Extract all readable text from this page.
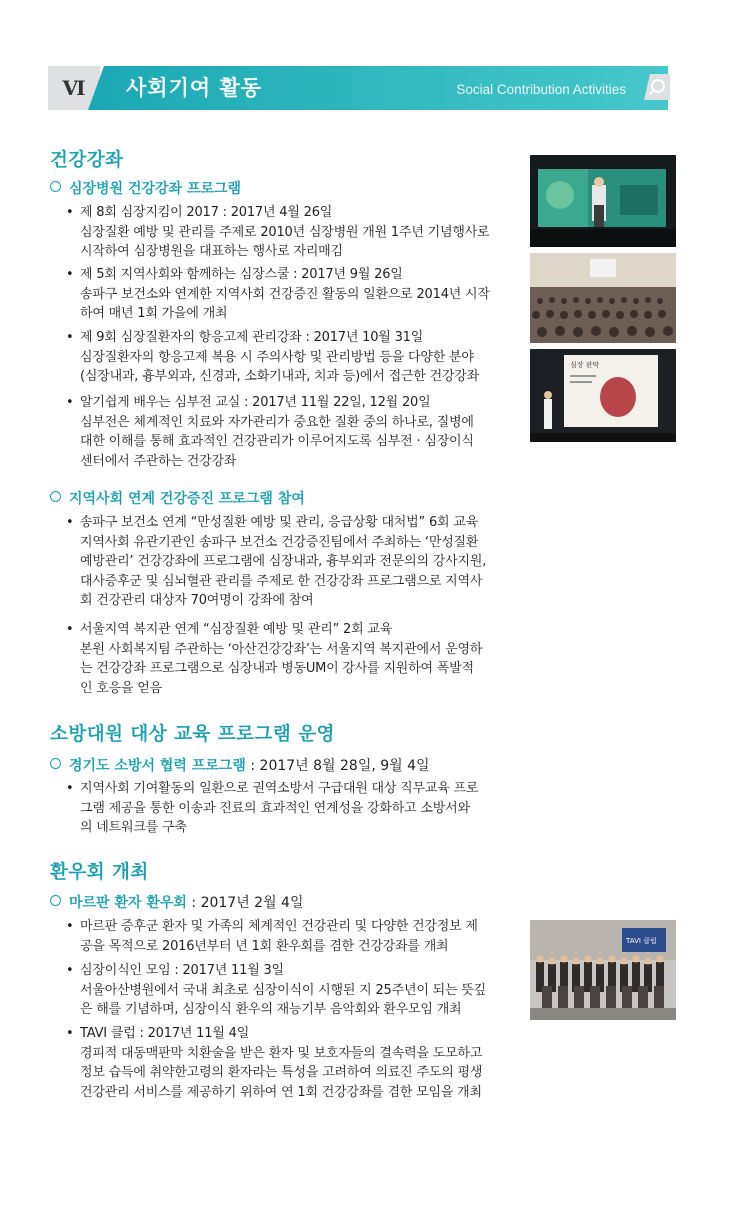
Ⅵ	사회기여 활동	Social Contribution Activities
건강강좌
심장병원 건강강좌 프로그램
• 제 8회 심장지킴이 2017 : 2017년 4월 26일
심장질환 예방 및 관리를 주제로 2010년 심장병원 개원 1주년 기념행사로
시작하여 심장병원을 대표하는 행사로 자리매김
• 제 5회 지역사회와 함께하는 심장스쿨 : 2017년 9월 26일
송파구 보건소와 연계한 지역사회 건강증진 활동의 일환으로 2014년 시작
하여 매년 1회 가을에 개최
• 제 9회 심장질환자의 항응고제 관리강좌 : 2017년 10월 31일
심장질환자의 항응고제 복용 시 주의사항 및 관리방법 등을 다양한 분야
(심장내과, 흉부외과, 신경과, 소화기내과, 치과 등)에서 접근한 건강강좌
• 알기쉽게 배우는 심부전 교실 : 2017년 11월 22일, 12월 20일
심부전은 체계적인 치료와 자가관리가 중요한 질환 중의 하나로, 질병에
대한 이해를 통해 효과적인 건강관리가 이루어지도록 심부전 · 심장이식
센터에서 주관하는 건강강좌
지역사회 연계 건강증진 프로그램 참여
• 송파구 보건소 연계 “만성질환 예방 및 관리, 응급상황 대처법” 6회 교육
지역사회 유관기관인 송파구 보건소 건강증진팀에서 주최하는 ‘만성질환
예방관리’ 건강강좌에 프로그램에 심장내과, 흉부외과 전문의의 강사지원,
대사증후군 및 심뇌혈관 관리를 주제로 한 건강강좌 프로그램으로 지역사
회 건강관리 대상자 70여명이 강좌에 참여
• 서울지역 복지관 연계 “심장질환 예방 및 관리” 2회 교육
본원 사회복지팀 주관하는 ‘아산건강강좌’는 서울지역 복지관에서 운영하
는 건강강좌 프로그램으로 심장내과 병동UM이 강사를 지원하여 폭발적
인 호응을 얻음
소방대원 대상 교육 프로그램 운영
경기도 소방서 협력 프로그램 : 2017년 8월 28일, 9월 4일
• 지역사회 기여활동의 일환으로 권역소방서 구급대원 대상 직무교육 프로
그램 제공을 통한 이송과 진료의 효과적인 연계성을 강화하고 소방서와
의 네트워크를 구축
환우회 개최
마르판 환자 환우회 : 2017년 2월 4일
• 마르판 증후군 환자 및 가족의 체계적인 건강관리 및 다양한 건강정보 제
공을 목적으로 2016년부터 년 1회 환우회를 겸한 건강강좌를 개최
• 심장이식인 모임 : 2017년 11월 3일
서울아산병원에서 국내 최초로 심장이식이 시행된 지 25주년이 되는 뜻깊
은 해를 기념하며, 심장이식 환우의 재능기부 음악회와 환우모임 개최
• TAVI 클럽 : 2017년 11월 4일
경피적 대동맥판막 치환술을 받은 환자 및 보호자들의 결속력을 도모하고
정보 습득에 취약한고령의 환자라는 특성을 고려하여 의료진 주도의 평생
건강관리 서비스를 제공하기 위하여 연 1회 건강강좌를 겸한 모임을 개최
심장 판막
TAVI 클럽
